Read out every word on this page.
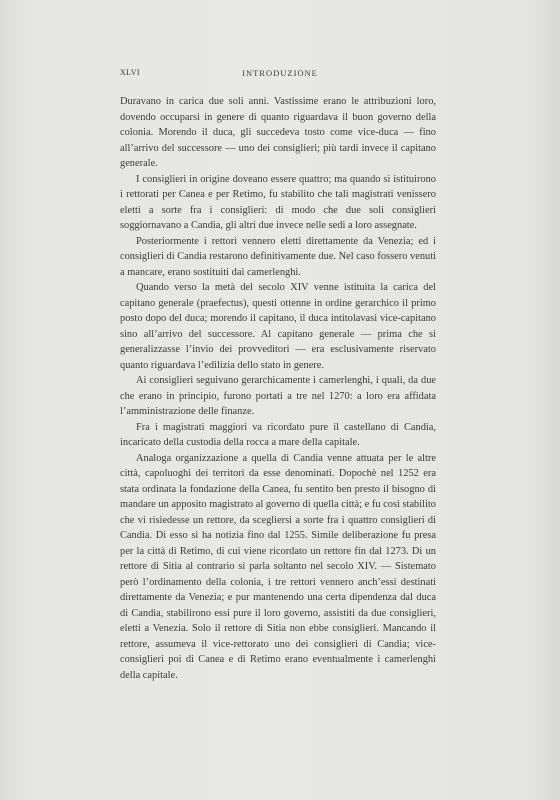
XLVI	INTRODUZIONE

Duravano in carica due soli anni. Vastissime erano le attribuzioni loro, dovendo occuparsi in genere di quanto riguardava il buon governo della colonia. Morendo il duca, gli succedeva tosto come vice-duca — fino all’arrivo del successore — uno dei consiglieri; più tardi invece il capitano generale.

I consiglieri in origine doveano essere quattro; ma quando si istituirono i rettorati per Canea e per Retimo, fu stabilito che tali magistrati venissero eletti a sorte fra i consiglieri: di modo che due soli consiglieri soggiornavano a Candia, gli altri due invece nelle sedi a loro assegnate.

Posteriormente i rettori vennero eletti direttamente da Venezia; ed i consiglieri di Candia restarono definitivamente due. Nel caso fossero venuti a mancare, erano sostituiti dai camerlenghi.

Quando verso la metà del secolo XIV venne istituita la carica del capitano generale (praefectus), questi ottenne in ordine gerarchico il primo posto dopo del duca; morendo il capitano, il duca intitolavasi vice-capitano sino all’arrivo del successore. Al capitano generale — prima che si generalizzasse l’invio dei provveditori — era esclusivamente riservato quanto riguardava l’edilizia dello stato in genere.

Ai consiglieri seguivano gerarchicamente i camerlenghi, i quali, da due che erano in principio, furono portati a tre nel 1270: a loro era affidata l’amministrazione delle finanze.

Fra i magistrati maggiori va ricordato pure il castellano di Candia, incaricato della custodia della rocca a mare della capitale.

Analoga organizzazione a quella di Candia venne attuata per le altre città, capoluoghi dei territori da esse denominati. Dopochè nel 1252 era stata ordinata la fondazione della Canea, fu sentito ben presto il bisogno di mandare un apposito magistrato al governo di quella città; e fu così stabilito che vi risiedesse un rettore, da scegliersi a sorte fra i quattro consiglieri di Candia. Di esso si ha notizia fino dal 1255. Simile deliberazione fu presa per la città di Retimo, di cui viene ricordato un rettore fin dal 1273. Di un rettore di Sitia al contrario si parla soltanto nel secolo XIV. — Sistemato però l’ordinamento della colonia, i tre rettori vennero anch’essi destinati direttamente da Venezia; e pur mantenendo una certa dipendenza dal duca di Candia, stabilirono essi pure il loro governo, assistiti da due consiglieri, eletti a Venezia. Solo il rettore di Sitia non ebbe consiglieri. Mancando il rettore, assumeva il vice-rettorato uno dei consiglieri di Candia; vice-consiglieri poi di Canea e di Retimo erano eventualmente i camerlenghi della capitale.
